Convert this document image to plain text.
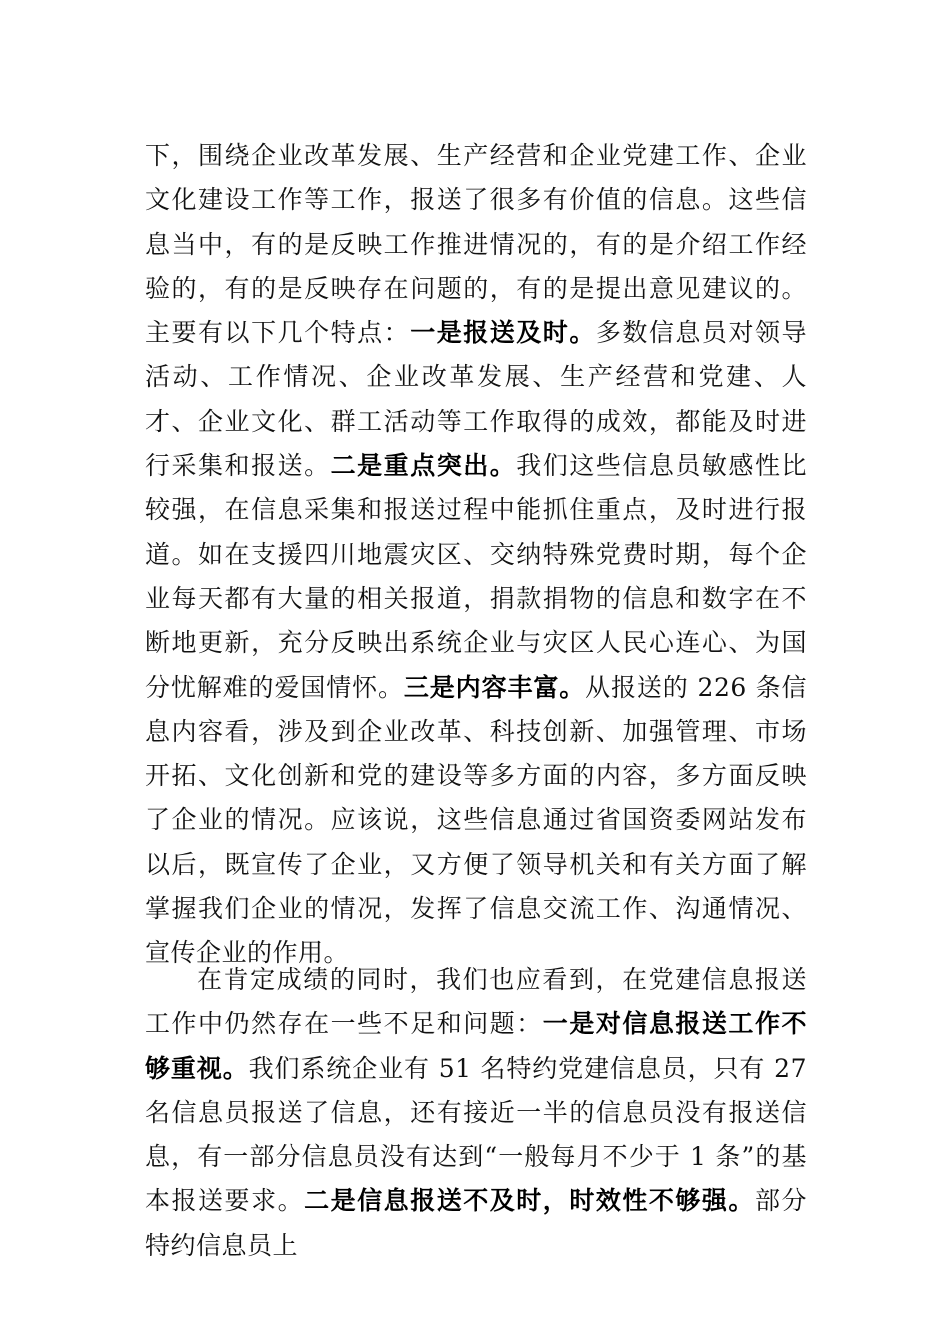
下，围绕企业改革发展、生产经营和企业党建工作、企业文化建设工作等工作，报送了很多有价值的信息。这些信息当中，有的是反映工作推进情况的，有的是介绍工作经验的，有的是反映存在问题的，有的是提出意见建议的。主要有以下几个特点：一是报送及时。多数信息员对领导活动、工作情况、企业改革发展、生产经营和党建、人才、企业文化、群工活动等工作取得的成效，都能及时进行采集和报送。二是重点突出。我们这些信息员敏感性比较强，在信息采集和报送过程中能抓住重点，及时进行报道。如在支援四川地震灾区、交纳特殊党费时期，每个企业每天都有大量的相关报道，捐款捐物的信息和数字在不断地更新，充分反映出系统企业与灾区人民心连心、为国分忧解难的爱国情怀。三是内容丰富。从报送的 226 条信息内容看，涉及到企业改革、科技创新、加强管理、市场开拓、文化创新和党的建设等多方面的内容，多方面反映了企业的情况。应该说，这些信息通过省国资委网站发布以后，既宣传了企业，又方便了领导机关和有关方面了解掌握我们企业的情况，发挥了信息交流工作、沟通情况、宣传企业的作用。
在肯定成绩的同时，我们也应看到，在党建信息报送工作中仍然存在一些不足和问题：一是对信息报送工作不够重视。我们系统企业有 51 名特约党建信息员，只有 27 名信息员报送了信息，还有接近一半的信息员没有报送信息，有一部分信息员没有达到“一般每月不少于 1 条”的基本报送要求。二是信息报送不及时，时效性不够强。部分特约信息员上
